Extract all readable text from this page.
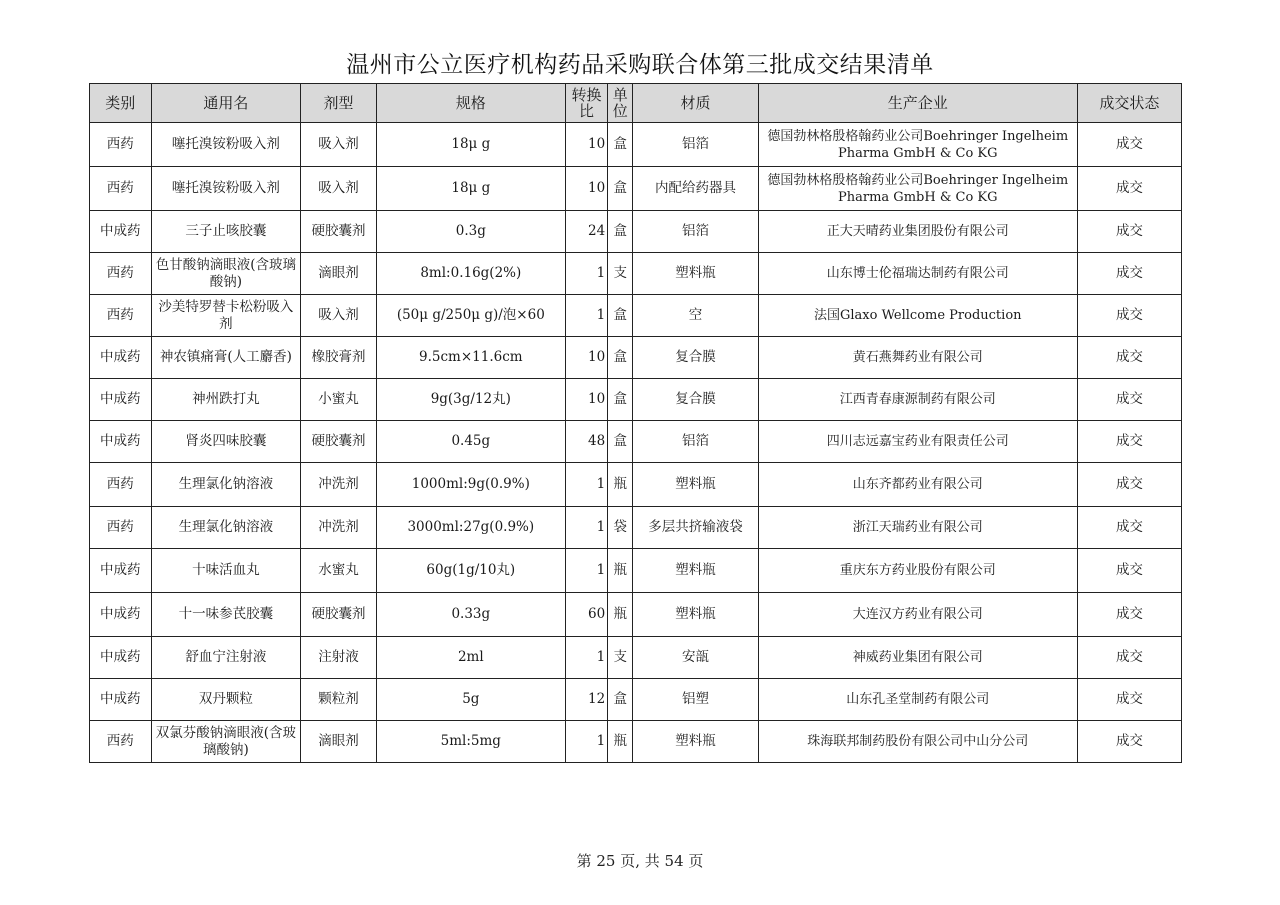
温州市公立医疗机构药品采购联合体第三批成交结果清单
类别	通用名	剂型	规格	转换比	单位	材质	生产企业	成交状态
西药	噻托溴铵粉吸入剂	吸入剂	18μ g	10	盒	铝箔	德国勃林格殷格翰药业公司Boehringer Ingelheim Pharma GmbH & Co KG	成交
西药	噻托溴铵粉吸入剂	吸入剂	18μ g	10	盒	内配给药器具	德国勃林格殷格翰药业公司Boehringer Ingelheim Pharma GmbH & Co KG	成交
中成药	三子止咳胶囊	硬胶囊剂	0.3g	24	盒	铝箔	正大天晴药业集团股份有限公司	成交
西药	色甘酸钠滴眼液(含玻璃酸钠)	滴眼剂	8ml:0.16g(2%)	1	支	塑料瓶	山东博士伦福瑞达制药有限公司	成交
西药	沙美特罗替卡松粉吸入剂	吸入剂	(50μ g/250μ g)/泡×60	1	盒	空	法国Glaxo Wellcome Production	成交
中成药	神农镇痛膏(人工麝香)	橡胶膏剂	9.5cm×11.6cm	10	盒	复合膜	黄石燕舞药业有限公司	成交
中成药	神州跌打丸	小蜜丸	9g(3g/12丸)	10	盒	复合膜	江西青春康源制药有限公司	成交
中成药	肾炎四味胶囊	硬胶囊剂	0.45g	48	盒	铝箔	四川志远嘉宝药业有限责任公司	成交
西药	生理氯化钠溶液	冲洗剂	1000ml:9g(0.9%)	1	瓶	塑料瓶	山东齐都药业有限公司	成交
西药	生理氯化钠溶液	冲洗剂	3000ml:27g(0.9%)	1	袋	多层共挤输液袋	浙江天瑞药业有限公司	成交
中成药	十味活血丸	水蜜丸	60g(1g/10丸)	1	瓶	塑料瓶	重庆东方药业股份有限公司	成交
中成药	十一味参芪胶囊	硬胶囊剂	0.33g	60	瓶	塑料瓶	大连汉方药业有限公司	成交
中成药	舒血宁注射液	注射液	2ml	1	支	安瓿	神威药业集团有限公司	成交
中成药	双丹颗粒	颗粒剂	5g	12	盒	铝塑	山东孔圣堂制药有限公司	成交
西药	双氯芬酸钠滴眼液(含玻璃酸钠)	滴眼剂	5ml:5mg	1	瓶	塑料瓶	珠海联邦制药股份有限公司中山分公司	成交
第 25 页, 共 54 页
